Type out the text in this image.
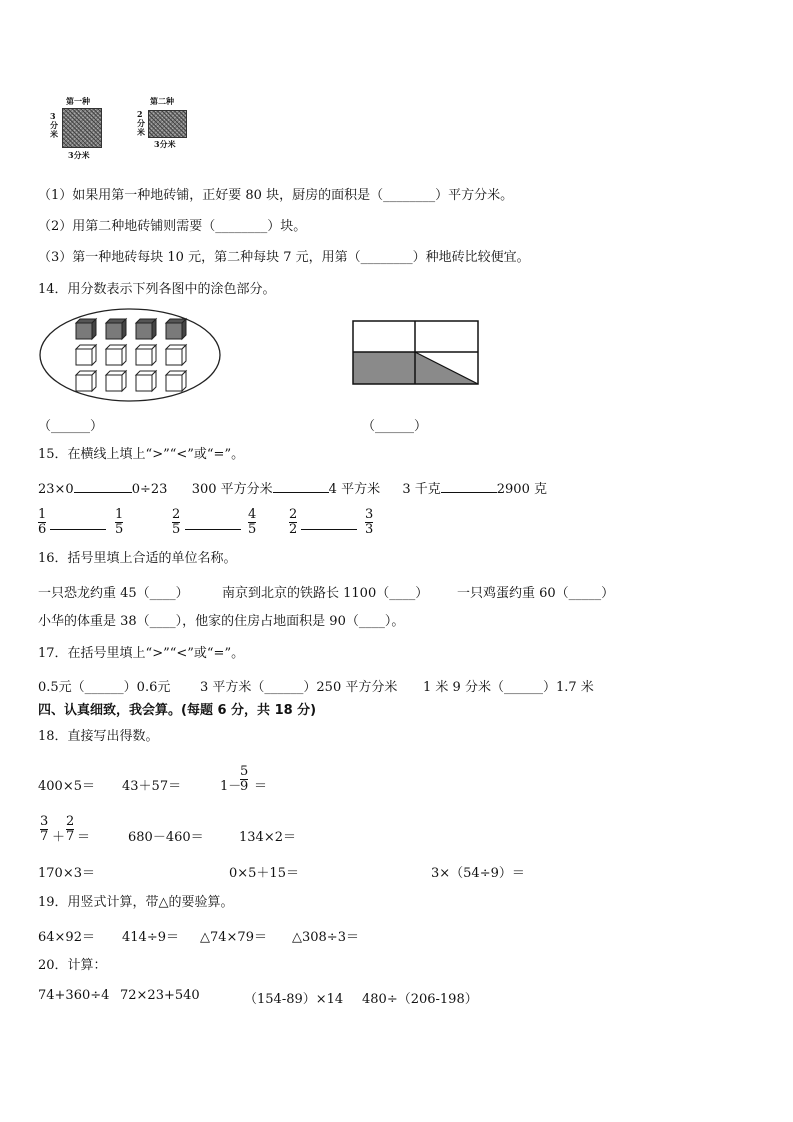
第一种
3
分
米
3分米
第二种
2
分
米
3分米
（1）如果用第一种地砖铺，正好要 80 块，厨房的面积是（________）平方分米。
（2）用第二种地砖铺则需要（________）块。
（3）第一种地砖每块 10 元，第二种每块 7 元，用第（________）种地砖比较便宜。
14．用分数表示下列各图中的涂色部分。
（______）	（______）
15．在横线上填上“>”“<”或“=”。
23×0	0÷23 300 平方分米	4 平方米 3 千克	2900 克
1
6
1
5
2
5
4
5
2
2
3
3
16．括号里填上合适的单位名称。
一只恐龙约重 45（____）	南京到北京的铁路长 1100（____） 一只鸡蛋约重 60（_____）
小华的体重是 38（____），他家的住房占地面积是 90（____）。
17．在括号里填上“>”“<”或“=”。
0.5元（______）0.6元 3 平方米（______）250 平方分米 1 米 9 分米（______）1.7 米
四、认真细致，我会算。(每题 6 分，共 18 分)
18．直接写出得数。
400×5＝ 43＋57＝	1－
5
9 ＝
3
7 ＋
2
7 ＝	680－460＝	134×2＝
170×3＝	0×5＋15＝	3×（54÷9）＝
19．用竖式计算，带△的要验算。
64×92＝ 414÷9＝ △74×79＝ △308÷3＝
20．计算：
74+360÷4 72×23+540	（154-89）×14 480÷（206-198）
